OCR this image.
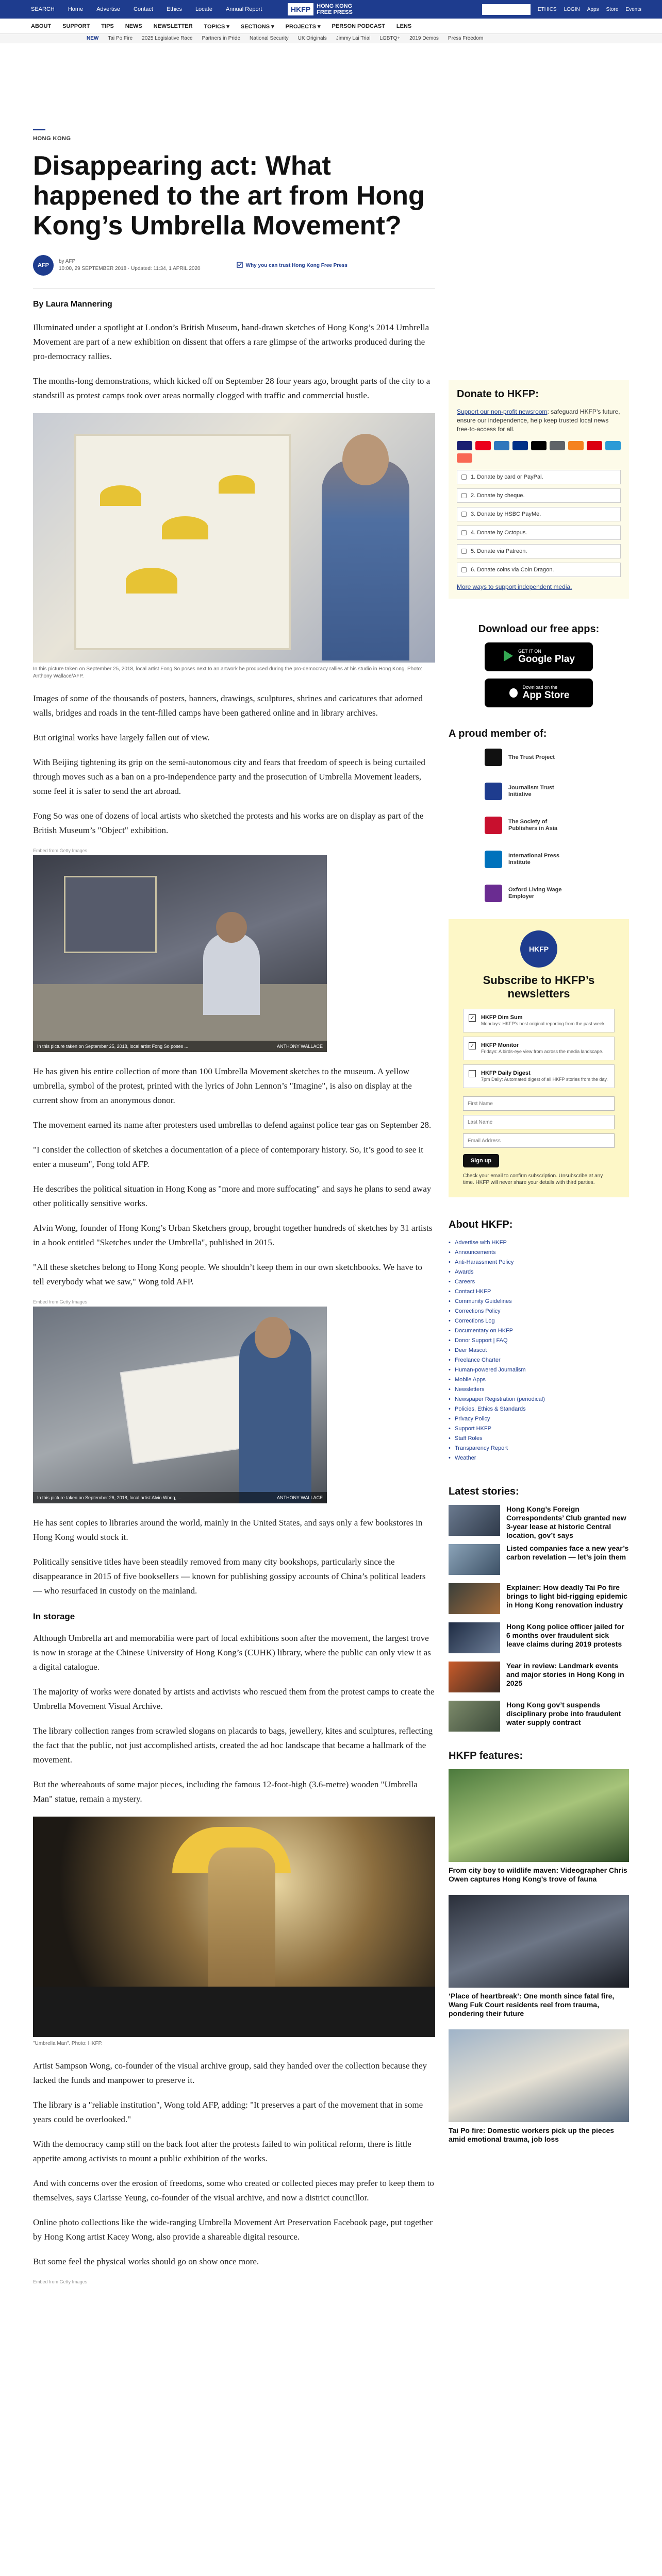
SEARCH Home Advertise Contact Ethics Locate Annual Report	HKFP	HONG KONG
FREE PRESS	SUPPORT HKFP	ETHICS LOGIN Apps Store Events
ABOUT SUPPORT TIPS NEWS NEWSLETTER TOPICS ▾ SECTIONS ▾ PROJECTS ▾ PERSON PODCAST LENS
NEW Tai Po Fire 2025 Legislative Race Partners in Pride National Security UK Originals Jimmy Lai Trial LGBTQ+ 2019 Demos Press Freedom
HONG KONG
Disappearing act: What happened to the art from Hong Kong’s Umbrella Movement?
AFP
by AFP
10:00, 29 SEPTEMBER 2018 · Updated: 11:34, 1 APRIL 2020
Why you can trust Hong Kong Free Press
By Laura Mannering

Illuminated under a spotlight at London’s British Museum, hand-drawn sketches of Hong Kong’s 2014 Umbrella Movement are part of a new exhibition on dissent that offers a rare glimpse of the artworks produced during the pro-democracy rallies.

The months-long demonstrations, which kicked off on September 28 four years ago, brought parts of the city to a standstill as protest camps took over areas normally clogged with traffic and commercial hustle.

In this picture taken on September 25, 2018, local artist Fong So poses next to an artwork he produced during the pro-democracy rallies at his studio in Hong Kong. Photo: Anthony Wallace/AFP.

Images of some of the thousands of posters, banners, drawings, sculptures, shrines and caricatures that adorned walls, bridges and roads in the tent-filled camps have been gathered online and in library archives.

But original works have largely fallen out of view.

With Beijing tightening its grip on the semi-autonomous city and fears that freedom of speech is being curtailed through moves such as a ban on a pro-independence party and the prosecution of Umbrella Movement leaders, some feel it is safer to send the art abroad.

Fong So was one of dozens of local artists who sketched the protests and his works are on display as part of the British Museum’s "Object" exhibition.

Embed from Getty Images
In this picture taken on September 25, 2018, local artist Fong So poses ...	ANTHONY WALLACE

He has given his entire collection of more than 100 Umbrella Movement sketches to the museum. A yellow umbrella, symbol of the protest, printed with the lyrics of John Lennon’s "Imagine", is also on display at the current show from an anonymous donor.

The movement earned its name after protesters used umbrellas to defend against police tear gas on September 28.

"I consider the collection of sketches a documentation of a piece of contemporary history. So, it’s good to see it enter a museum", Fong told AFP.

He describes the political situation in Hong Kong as "more and more suffocating" and says he plans to send away other politically sensitive works.

Alvin Wong, founder of Hong Kong’s Urban Sketchers group, brought together hundreds of sketches by 31 artists in a book entitled "Sketches under the Umbrella", published in 2015.

"All these sketches belong to Hong Kong people. We shouldn’t keep them in our own sketchbooks. We have to tell everybody what we saw," Wong told AFP.

Embed from Getty Images
In this picture taken on September 26, 2018, local artist Alvin Wong, ...	ANTHONY WALLACE

He has sent copies to libraries around the world, mainly in the United States, and says only a few bookstores in Hong Kong would stock it.

Politically sensitive titles have been steadily removed from many city bookshops, particularly since the disappearance in 2015 of five booksellers — known for publishing gossipy accounts of China’s political leaders — who resurfaced in custody on the mainland.

In storage

Although Umbrella art and memorabilia were part of local exhibitions soon after the movement, the largest trove is now in storage at the Chinese University of Hong Kong’s (CUHK) library, where the public can only view it as a digital catalogue.

The majority of works were donated by artists and activists who rescued them from the protest camps to create the Umbrella Movement Visual Archive.

The library collection ranges from scrawled slogans on placards to bags, jewellery, kites and sculptures, reflecting the fact that the public, not just accomplished artists, created the ad hoc landscape that became a hallmark of the movement.

But the whereabouts of some major pieces, including the famous 12-foot-high (3.6-metre) wooden "Umbrella Man" statue, remain a mystery.

"Umbrella Man". Photo: HKFP.

Artist Sampson Wong, co-founder of the visual archive group, said they handed over the collection because they lacked the funds and manpower to preserve it.

The library is a "reliable institution", Wong told AFP, adding: "It preserves a part of the movement that in some years could be overlooked."

With the democracy camp still on the back foot after the protests failed to win political reform, there is little appetite among activists to mount a public exhibition of the works.

And with concerns over the erosion of freedoms, some who created or collected pieces may prefer to keep them to themselves, says Clarisse Yeung, co-founder of the visual archive, and now a district councillor.

Online photo collections like the wide-ranging Umbrella Movement Art Preservation Facebook page, put together by Hong Kong artist Kacey Wong, also provide a shareable digital resource.

But some feel the physical works should go on show once more.

Embed from Getty Images
Donate to HKFP:
Support our non-profit newsroom: safeguard HKFP’s future, ensure our independence, help keep trusted local news free-to-access for all.
1. Donate by card or PayPal.
2. Donate by cheque.
3. Donate by HSBC PayMe.
4. Donate by Octopus.
5. Donate via Patreon.
6. Donate coins via Coin Dragon.
More ways to support independent media.
Download our free apps:
GET IT ON
Google Play
Download on the
App Store
A proud member of:
The Trust Project
Journalism Trust Initiative
The Society of Publishers in Asia
International Press Institute
Oxford Living Wage Employer
HKFP
Subscribe to HKFP’s newsletters
✓ HKFP Dim Sum
Mondays: HKFP’s best original reporting from the past week.
✓ HKFP Monitor
Fridays: A birds-eye view from across the media landscape.
HKFP Daily Digest
7pm Daily: Automated digest of all HKFP stories from the day.
First Name Last Name Email Address
Sign up
Check your email to confirm subscription. Unsubscribe at any time. HKFP will never share your details with third parties.
About HKFP:
• Advertise with HKFP
• Announcements
• Anti-Harassment Policy
• Awards
• Careers
• Contact HKFP
• Community Guidelines
• Corrections Policy
• Corrections Log
• Documentary on HKFP
• Donor Support | FAQ
• Deer Mascot
• Freelance Charter
• Human-powered Journalism
• Mobile Apps
• Newsletters
• Newspaper Registration (periodical)
• Policies, Ethics & Standards
• Privacy Policy
• Support HKFP
• Staff Roles
• Transparency Report
• Weather
Latest stories:
Hong Kong’s Foreign Correspondents’ Club granted new 3-year lease at historic Central location, gov’t says
Listed companies face a new year’s carbon revelation — let’s join them
Explainer: How deadly Tai Po fire brings to light bid-rigging epidemic in Hong Kong renovation industry
Hong Kong police officer jailed for 6 months over fraudulent sick leave claims during 2019 protests
Year in review: Landmark events and major stories in Hong Kong in 2025
Hong Kong gov’t suspends disciplinary probe into fraudulent water supply contract
HKFP features:
From city boy to wildlife maven: Videographer Chris Owen captures Hong Kong’s trove of fauna
‘Place of heartbreak’: One month since fatal fire, Wang Fuk Court residents reel from trauma, pondering their future
Tai Po fire: Domestic workers pick up the pieces amid emotional trauma, job loss
